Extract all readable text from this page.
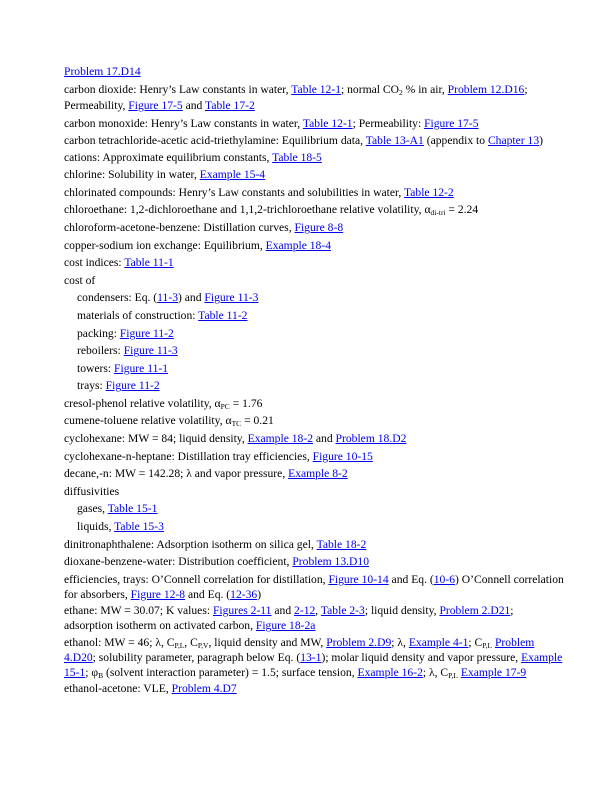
Problem 17.D14

carbon dioxide: Henry’s Law constants in water, Table 12-1; normal $CO_2$ % in air, Problem 12.D16; Permeability, Figure 17-5 and Table 17-2

carbon monoxide: Henry’s Law constants in water, Table 12-1; Permeability: Figure 17-5

carbon tetrachloride-acetic acid-triethylamine: Equilibrium data, Table 13-A1 (appendix to Chapter 13)

cations: Approximate equilibrium constants, Table 18-5

chlorine: Solubility in water, Example 15-4

chlorinated compounds: Henry’s Law constants and solubilities in water, Table 12-2

chloroethane: 1,2-dichloroethane and 1,1,2-trichloroethane relative volatility, $\alpha_{di-tri} = 2.24$

chloroform-acetone-benzene: Distillation curves, Figure 8-8

copper-sodium ion exchange: Equilibrium, Example 18-4

cost indices: Table 11-1

cost of

condensers: Eq. (11-3) and Figure 11-3

materials of construction: Table 11-2

packing: Figure 11-2

reboilers: Figure 11-3

towers: Figure 11-1

trays: Figure 11-2

cresol-phenol relative volatility, $\alpha_{PC} = 1.76$

cumene-toluene relative volatility, $\alpha_{TC} = 0.21$

cyclohexane: MW = 84; liquid density, Example 18-2 and Problem 18.D2

cyclohexane-n-heptane: Distillation tray efficiencies, Figure 10-15

decane,-n: MW = 142.28; λ and vapor pressure, Example 8-2

diffusivities

gases, Table 15-1

liquids, Table 15-3

dinitronaphthalene: Adsorption isotherm on silica gel, Table 18-2

dioxane-benzene-water: Distribution coefficient, Problem 13.D10

efficiencies, trays: O’Connell correlation for distillation, Figure 10-14 and Eq. (10-6) O’Connell correlation for absorbers, Figure 12-8 and Eq. (12-36)

ethane: MW = 30.07; K values: Figures 2-11 and 2-12, Table 2-3; liquid density, Problem 2.D21; adsorption isotherm on activated carbon, Figure 18-2a

ethanol: MW = 46; λ, $C_{P,L}$, $C_{P,V}$, liquid density and MW, Problem 2.D9; λ, Example 4-1; $C_{P,L}$ Problem 4.D20; solubility parameter, paragraph below Eq. (13-1); molar liquid density and vapor pressure, Example 15-1; $\varphi_B$ (solvent interaction parameter) = 1.5; surface tension, Example 16-2; λ, $C_{P,L}$ Example 17-9

ethanol-acetone: VLE, Problem 4.D7
